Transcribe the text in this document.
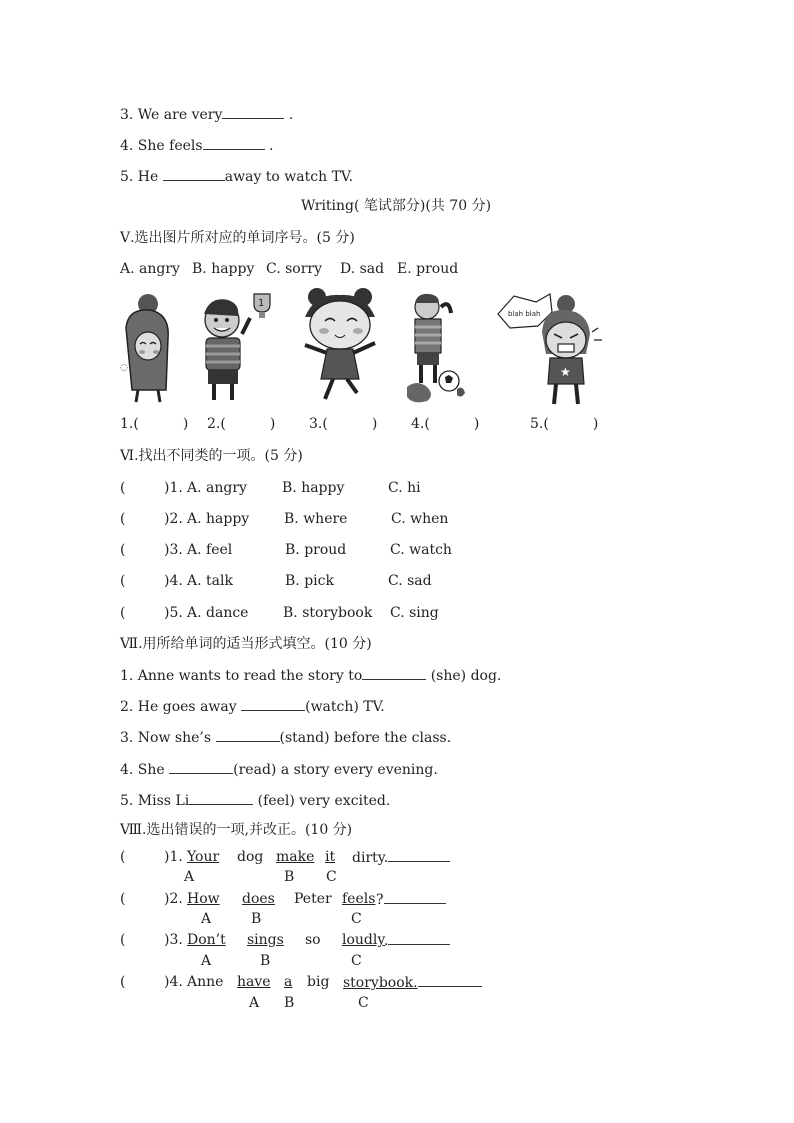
3. We are very	.
4. She feels	.
5. He	away to watch TV.
Writing( 笔试部分)(共 70 分)
Ⅴ.选出图片所对应的单词序号。(5 分)
A. angry B. happy C. sorry D. sad E. proud
◌
1
blah blah
★
1.(	) 2.(	) 3.(	) 4.(	)	5.(	)
Ⅵ.找出不同类的一项。(5 分)
(	)1. A. angry	B. happy	C. hi
(	)2. A. happy B. where	C. when
(	)3. A. feel	B. proud	C. watch
(	)4. A. talk	B. pick	C. sad
(	)5. A. dance B. storybook C. sing
Ⅶ.用所给单词的适当形式填空。(10 分)
1. Anne wants to read the story to	(she) dog.
2. He goes away	(watch) TV.
3. Now she’s	(stand) before the class.
4. She	(read) a story every evening.
5. Miss Li	(feel) very excited.
Ⅷ.选出错误的一项,并改正。(10 分)
(	)1. Your dog make it dirty.
A	B C
(	)2. How does Peter feels ?
A	B	C
(	)3. Don’t sings so loudly
.
A	B	C
(	)4. Anne have a big storybook.
A B	C
